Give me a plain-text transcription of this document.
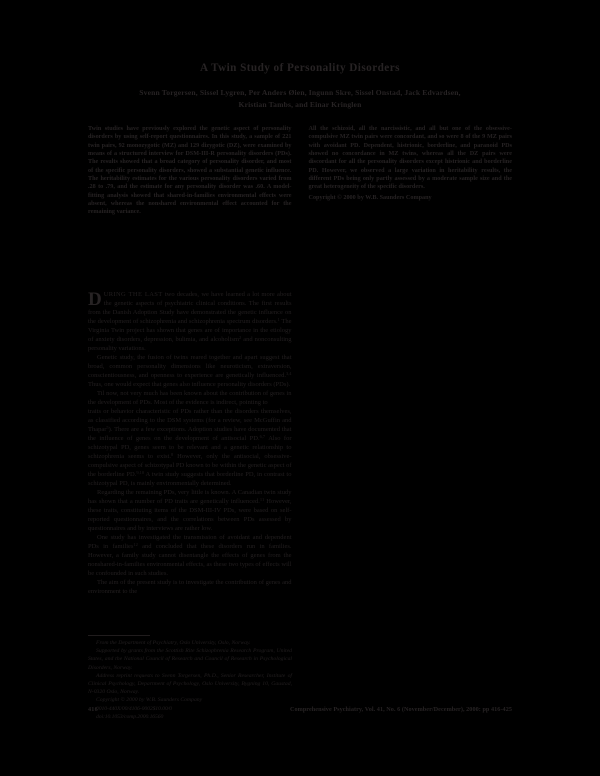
A Twin Study of Personality Disorders
Svenn Torgersen, Sissel Lygren, Per Anders Øien, Ingunn Skre, Sissel Onstad, Jack Edvardsen,
Kristian Tambs, and Einar Kringlen

Twin studies have previously explored the genetic aspect of personality disorders by using self-report questionnaires. In this study, a sample of 221 twin pairs, 92 monozygotic (MZ) and 129 dizygotic (DZ), were examined by means of a structured interview for DSM-III-R personality disorders (PDs). The results showed that a broad category of personality disorder, and most of the specific personality disorders, showed a substantial genetic influence. The heritability estimates for the various personality disorders varied from .28 to .79, and the estimate for any personality disorder was .60. A model-fitting analysis showed that shared-in-families environmental effects were absent, whereas the nonshared environmental effect accounted for the remaining variance.

All the schizoid, all the narcissistic, and all but one of the obsessive-compulsive MZ twin pairs were concordant, and so were 8 of the 9 MZ pairs with avoidant PD. Dependent, histrionic, borderline, and paranoid PDs showed no concordance in MZ twins, whereas all the DZ pairs were discordant for all the personality disorders except histrionic and borderline PD. However, we observed a large variation in heritability results, the different PDs being only partly assessed by a moderate sample size and the great heterogeneity of the specific disorders.

Copyright © 2000 by W.B. Saunders Company

DURING THE LAST two decades, we have learned a lot more about the genetic aspects of psychiatric clinical conditions. The first results from the Danish Adoption Study have demonstrated the genetic influence on the development of schizophrenia and schizophrenia spectrum disorders.$^1$ The Virginia Twin project has shown that genes are of importance in the etiology of anxiety disorders, depression, bulimia, and alcoholism$^2$ and nonconsulting personality variations.

Genetic study, the fusion of twins reared together and apart suggest that broad, common personality dimensions like neuroticism, extraversion, conscientiousness, and openness to experience are genetically influenced.$^{3,4}$ Thus, one would expect that genes also influence personality disorders (PDs).

Til now, not very much has been known about the contribution of genes in the development of PDs. Most of the evidence is indirect, pointing to

traits or behavior characteristic of PDs rather than the disorders themselves, as classified according to the DSM systems (for a review, see McGuffin and Thapar$^5$). There are a few exceptions. Adoption studies have documented that the influence of genes on the development of antisocial PD.$^{6,7}$ Also for schizotypal PD, genes seem to be relevant and a genetic relationship to schizophrenia seems to exist.$^8$ However, only the antisocial, obsessive-compulsive aspect of schizotypal PD known to be within the genetic aspect of the borderline PD.$^{9,10}$ A twin study suggests that borderline PD, in contrast to schizotypal PD, is mainly environmentally determined.

Regarding the remaining PDs, very little is known. A Canadian twin study has shown that a number of PD traits are genetically influenced.$^{11}$ However, these traits, constituting items of the DSM-III-IV PDs, were based on self-reported questionnaires, and the correlations between PDs assessed by questionnaires and by interviews are rather low.

One study has investigated the transmission of avoidant and dependent PDs in families$^{12}$ and concluded that these disorders run in families. However, a family study cannot disentangle the effects of genes from the nonshared-in-families environmental effects, as these two types of effects will be confounded in such studies.

The aim of the present study is to investigate the contribution of genes and environment to the

From the Department of Psychiatry, Oslo University, Oslo, Norway.

Supported by grants from the Scottish Rite Schizophrenia Research Program, United States, and the National Council of Research and Council of Research in Psychological Disorders, Norway.

Address reprint requests to Svenn Torgersen, Ph.D., Senior Researcher, Institute of Clinical Psychology, Department of Psychology, Oslo University, Bygning 10, Gaustad, N-0320 Oslo, Norway.

Copyright © 2000 by W.B. Saunders Company

0010-440X/00/4106-0002$10.00/0

doi:10.1053/comp.2000.16560

416	Comprehensive Psychiatry, Vol. 41, No. 6 (November/December), 2000: pp 416-425
